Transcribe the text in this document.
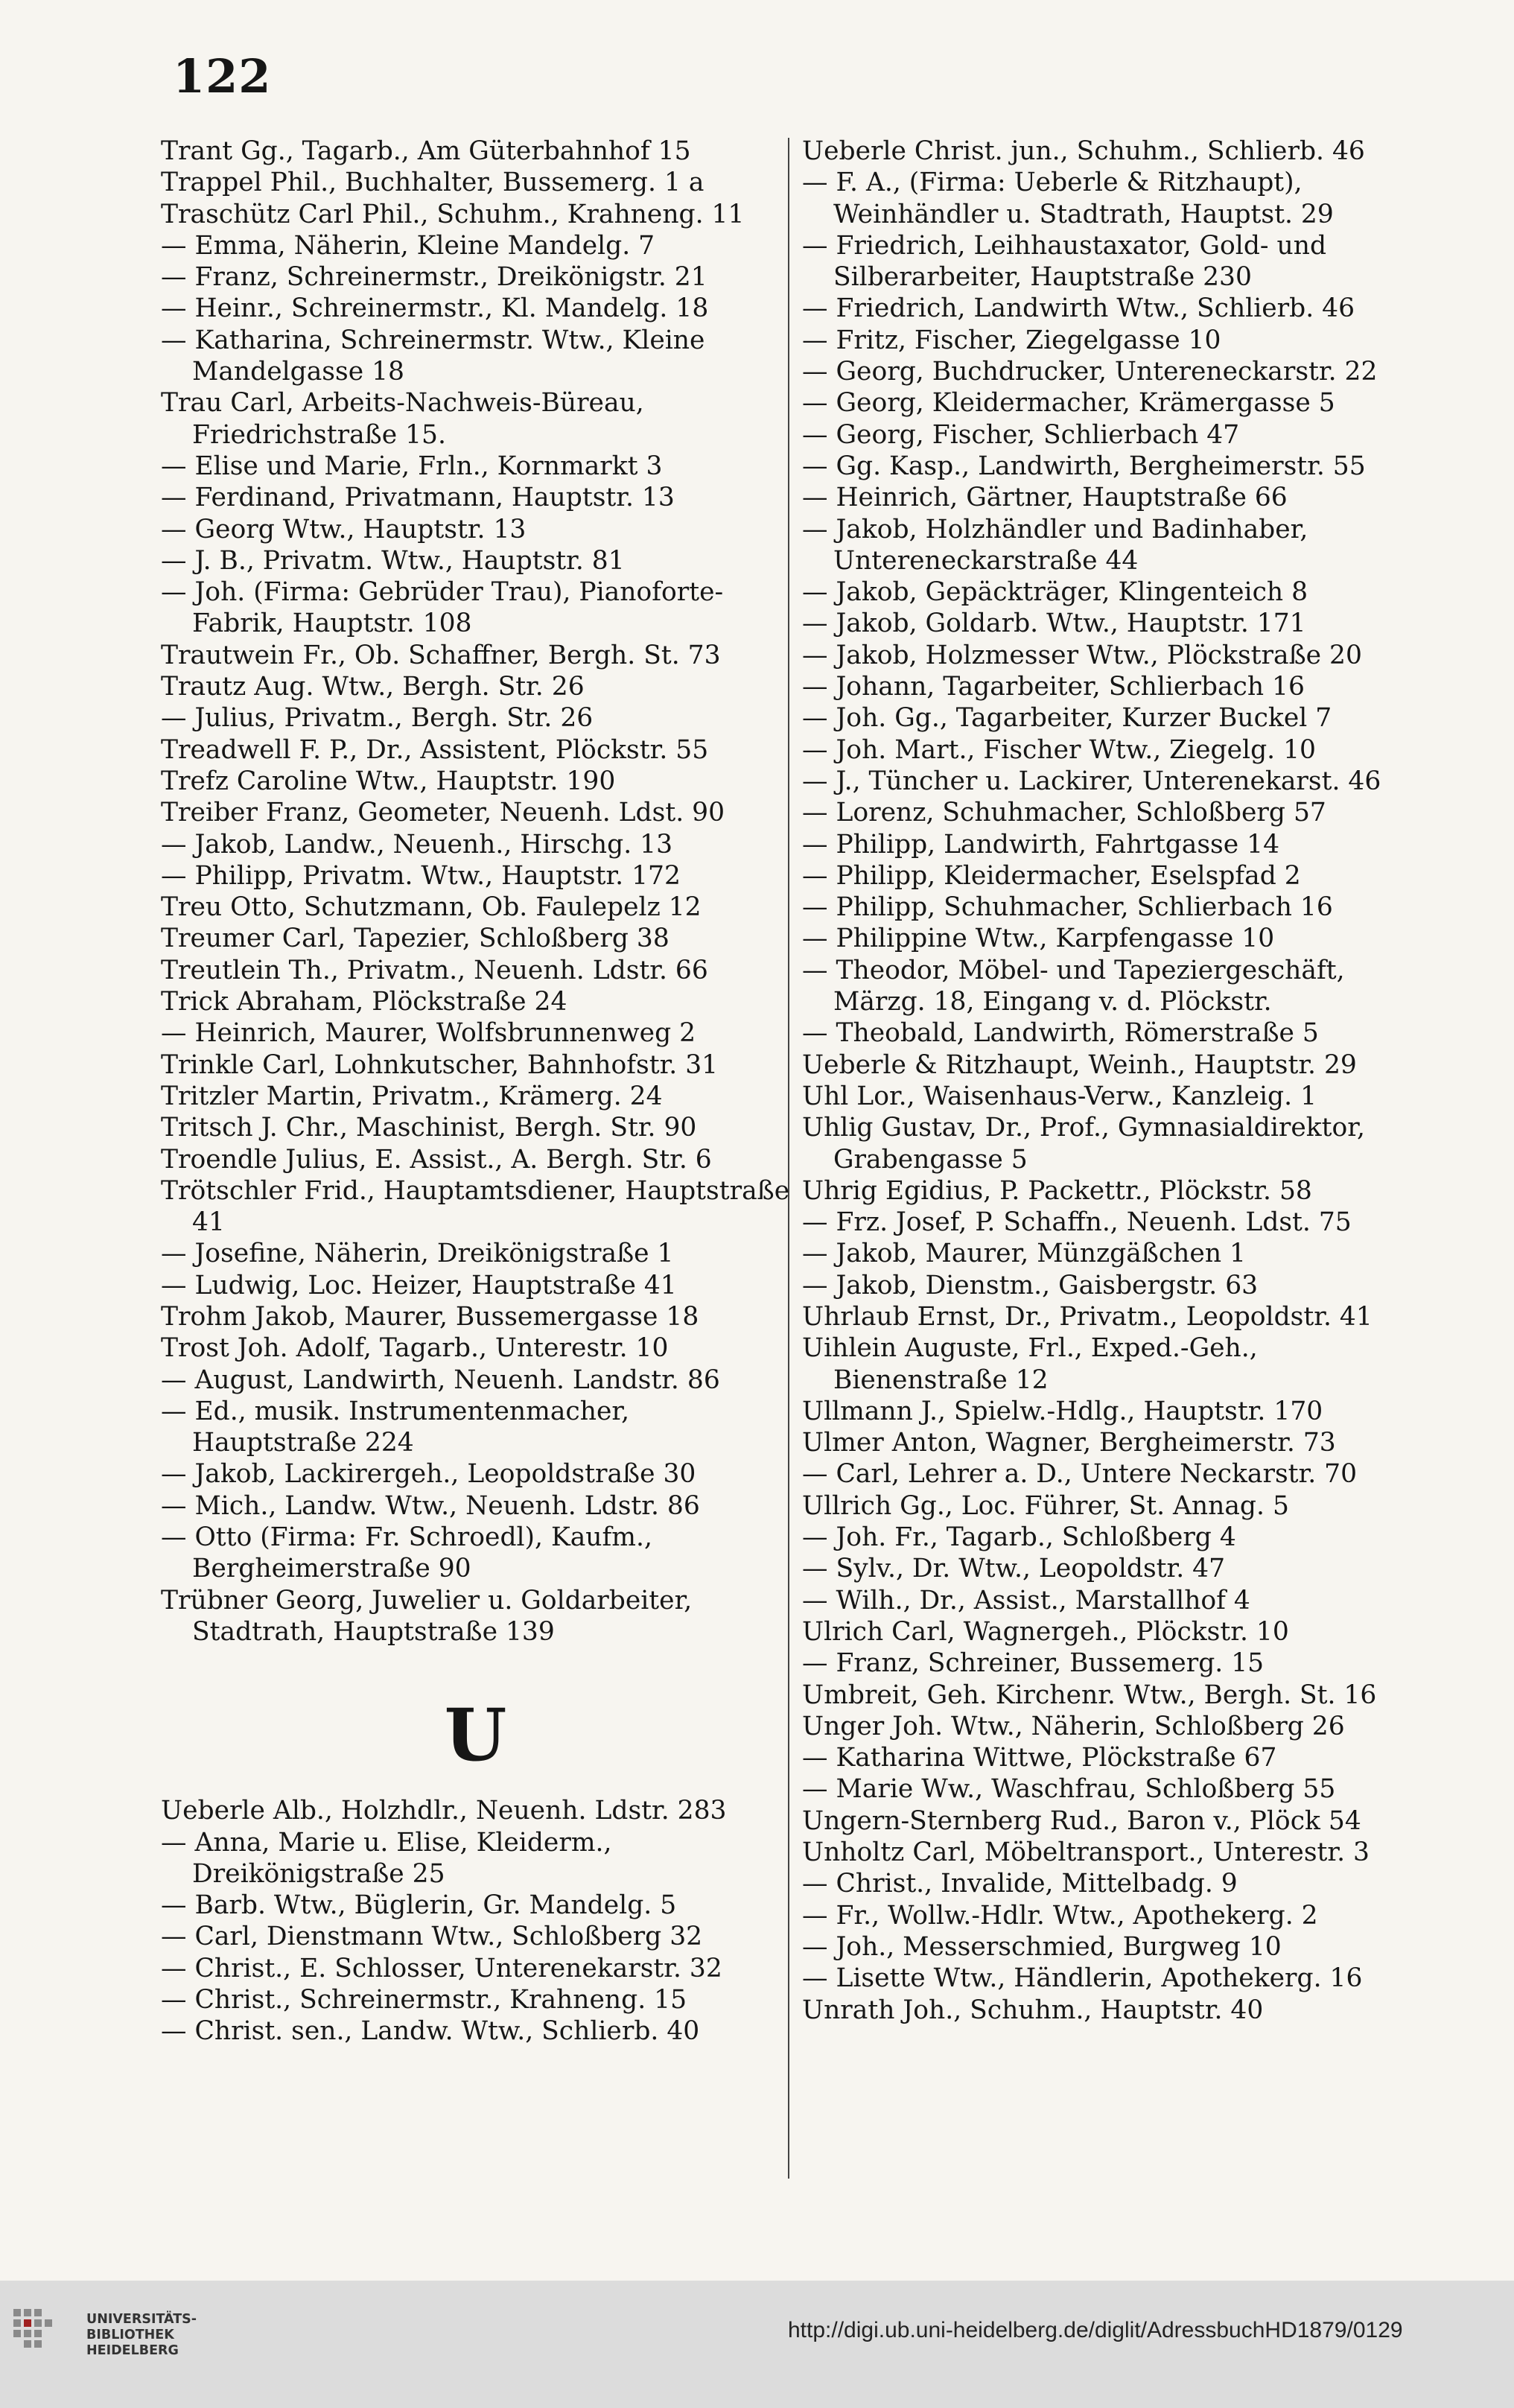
122
Trant Gg., Tagarb., Am Güterbahnhof 15
Trappel Phil., Buchhalter, Bussemerg. 1 a
Traschütz Carl Phil., Schuhm., Krahneng. 11
— Emma, Näherin, Kleine Mandelg. 7
— Franz, Schreinermstr., Dreikönigstr. 21
— Heinr., Schreinermstr., Kl. Mandelg. 18
— Katharina, Schreinermstr. Wtw., Kleine Mandelgasse 18
Trau Carl, Arbeits-Nachweis-Büreau, Friedrichstraße 15.
— Elise und Marie, Frln., Kornmarkt 3
— Ferdinand, Privatmann, Hauptstr. 13
— Georg Wtw., Hauptstr. 13
— J. B., Privatm. Wtw., Hauptstr. 81
— Joh. (Firma: Gebrüder Trau), Pianoforte-Fabrik, Hauptstr. 108
Trautwein Fr., Ob. Schaffner, Bergh. St. 73
Trautz Aug. Wtw., Bergh. Str. 26
— Julius, Privatm., Bergh. Str. 26
Treadwell F. P., Dr., Assistent, Plöckstr. 55
Trefz Caroline Wtw., Hauptstr. 190
Treiber Franz, Geometer, Neuenh. Ldst. 90
— Jakob, Landw., Neuenh., Hirschg. 13
— Philipp, Privatm. Wtw., Hauptstr. 172
Treu Otto, Schutzmann, Ob. Faulepelz 12
Treumer Carl, Tapezier, Schloßberg 38
Treutlein Th., Privatm., Neuenh. Ldstr. 66
Trick Abraham, Plöckstraße 24
— Heinrich, Maurer, Wolfsbrunnenweg 2
Trinkle Carl, Lohnkutscher, Bahnhofstr. 31
Tritzler Martin, Privatm., Krämerg. 24
Tritsch J. Chr., Maschinist, Bergh. Str. 90
Troendle Julius, E. Assist., A. Bergh. Str. 6
Trötschler Frid., Hauptamtsdiener, Hauptstraße 41
— Josefine, Näherin, Dreikönigstraße 1
— Ludwig, Loc. Heizer, Hauptstraße 41
Trohm Jakob, Maurer, Bussemergasse 18
Trost Joh. Adolf, Tagarb., Unterestr. 10
— August, Landwirth, Neuenh. Landstr. 86
— Ed., musik. Instrumentenmacher, Hauptstraße 224
— Jakob, Lackirergeh., Leopoldstraße 30
— Mich., Landw. Wtw., Neuenh. Ldstr. 86
— Otto (Firma: Fr. Schroedl), Kaufm., Bergheimerstraße 90
Trübner Georg, Juwelier u. Goldarbeiter, Stadtrath, Hauptstraße 139
U
Ueberle Alb., Holzhdlr., Neuenh. Ldstr. 283
— Anna, Marie u. Elise, Kleiderm., Dreikönigstraße 25
— Barb. Wtw., Büglerin, Gr. Mandelg. 5
— Carl, Dienstmann Wtw., Schloßberg 32
— Christ., E. Schlosser, Unterenekarstr. 32
— Christ., Schreinermstr., Krahneng. 15
— Christ. sen., Landw. Wtw., Schlierb. 40
Ueberle Christ. jun., Schuhm., Schlierb. 46
— F. A., (Firma: Ueberle & Ritzhaupt), Weinhändler u. Stadtrath, Hauptst. 29
— Friedrich, Leihhaustaxator, Gold- und Silberarbeiter, Hauptstraße 230
— Friedrich, Landwirth Wtw., Schlierb. 46
— Fritz, Fischer, Ziegelgasse 10
— Georg, Buchdrucker, Untereneckarstr. 22
— Georg, Kleidermacher, Krämergasse 5
— Georg, Fischer, Schlierbach 47
— Gg. Kasp., Landwirth, Bergheimerstr. 55
— Heinrich, Gärtner, Hauptstraße 66
— Jakob, Holzhändler und Badinhaber, Untereneckarstraße 44
— Jakob, Gepäckträger, Klingenteich 8
— Jakob, Goldarb. Wtw., Hauptstr. 171
— Jakob, Holzmesser Wtw., Plöckstraße 20
— Johann, Tagarbeiter, Schlierbach 16
— Joh. Gg., Tagarbeiter, Kurzer Buckel 7
— Joh. Mart., Fischer Wtw., Ziegelg. 10
— J., Tüncher u. Lackirer, Unterenekarst. 46
— Lorenz, Schuhmacher, Schloßberg 57
— Philipp, Landwirth, Fahrtgasse 14
— Philipp, Kleidermacher, Eselspfad 2
— Philipp, Schuhmacher, Schlierbach 16
— Philippine Wtw., Karpfengasse 10
— Theodor, Möbel- und Tapeziergeschäft, Märzg. 18, Eingang v. d. Plöckstr.
— Theobald, Landwirth, Römerstraße 5
Ueberle & Ritzhaupt, Weinh., Hauptstr. 29
Uhl Lor., Waisenhaus-Verw., Kanzleig. 1
Uhlig Gustav, Dr., Prof., Gymnasialdirektor, Grabengasse 5
Uhrig Egidius, P. Packettr., Plöckstr. 58
— Frz. Josef, P. Schaffn., Neuenh. Ldst. 75
— Jakob, Maurer, Münzgäßchen 1
— Jakob, Dienstm., Gaisbergstr. 63
Uhrlaub Ernst, Dr., Privatm., Leopoldstr. 41
Uihlein Auguste, Frl., Exped.-Geh., Bienenstraße 12
Ullmann J., Spielw.-Hdlg., Hauptstr. 170
Ulmer Anton, Wagner, Bergheimerstr. 73
— Carl, Lehrer a. D., Untere Neckarstr. 70
Ullrich Gg., Loc. Führer, St. Annag. 5
— Joh. Fr., Tagarb., Schloßberg 4
— Sylv., Dr. Wtw., Leopoldstr. 47
— Wilh., Dr., Assist., Marstallhof 4
Ulrich Carl, Wagnergeh., Plöckstr. 10
— Franz, Schreiner, Bussemerg. 15
Umbreit, Geh. Kirchenr. Wtw., Bergh. St. 16
Unger Joh. Wtw., Näherin, Schloßberg 26
— Katharina Wittwe, Plöckstraße 67
— Marie Ww., Waschfrau, Schloßberg 55
Ungern-Sternberg Rud., Baron v., Plöck 54
Unholtz Carl, Möbeltransport., Unterestr. 3
— Christ., Invalide, Mittelbadg. 9
— Fr., Wollw.-Hdlr. Wtw., Apothekerg. 2
— Joh., Messerschmied, Burgweg 10
— Lisette Wtw., Händlerin, Apothekerg. 16
Unrath Joh., Schuhm., Hauptstr. 40
UNIVERSITÄTS-
BIBLIOTHEK
HEIDELBERG
http://digi.ub.uni-heidelberg.de/diglit/AdressbuchHD1879/0129
